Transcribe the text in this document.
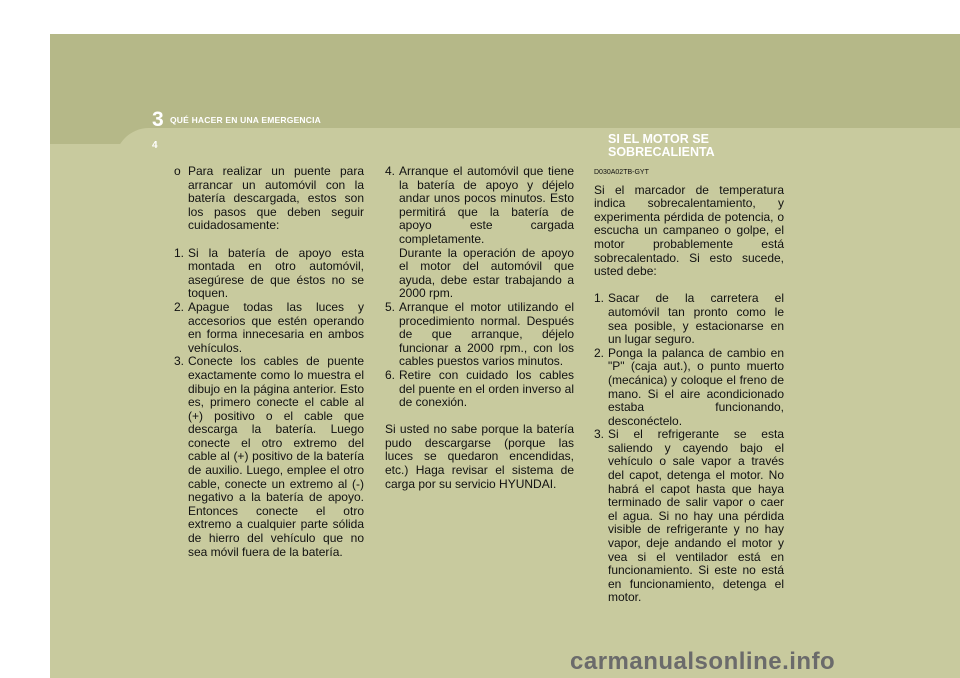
3 QUÉ HACER EN UNA EMERGENCIA
4	SI EL MOTOR SE
SOBRECALIENTA
o Para realizar un puente para arrancar un automóvil con la batería descargada, estos son los pasos que deben seguir cuidadosamente:
1. Si la batería de apoyo esta montada en otro automóvil, asegúrese de que éstos no se toquen.
2. Apague todas las luces y accesorios que estén operando en forma innecesaria en ambos vehículos.
3. Conecte los cables de puente exactamente como lo muestra el dibujo en la página anterior. Esto es, primero conecte el cable al (+) positivo o el cable que descarga la batería. Luego conecte el otro extremo del cable al (+) positivo de la batería de auxilio. Luego, emplee el otro cable, conecte un extremo al (-) negativo a la batería de apoyo. Entonces conecte el otro extremo a cualquier parte sólida de hierro del vehículo que no sea móvil fuera de la batería.
4. Arranque el automóvil que tiene la batería de apoyo y déjelo andar unos pocos minutos. Esto permitirá que la batería de apoyo este cargada completamente.
Durante la operación de apoyo el motor del automóvil que ayuda, debe estar trabajando a 2000 rpm.
5. Arranque el motor utilizando el procedimiento normal. Después de que arranque, déjelo funcionar a 2000 rpm., con los cables puestos varios minutos.
6. Retire con cuidado los cables del puente en el orden inverso al de conexión.

Si usted no sabe porque la batería pudo descargarse (porque las luces se quedaron encendidas, etc.) Haga revisar el sistema de carga por su servicio HYUNDAI.

D030A02TB-GYT

Si el marcador de temperatura indica sobrecalentamiento, y experimenta pérdida de potencia, o escucha un campaneo o golpe, el motor probablemente está sobrecalentado. Si esto sucede, usted debe:

1. Sacar de la carretera el automóvil tan pronto como le sea posible, y estacionarse en un lugar seguro.
2. Ponga la palanca de cambio en "P" (caja aut.), o punto muerto (mecánica) y coloque el freno de mano. Si el aire acondicionado estaba funcionando, desconéctelo.
3. Si el refrigerante se esta saliendo y cayendo bajo el vehículo o sale vapor a través del capot, detenga el motor. No habrá el capot hasta que haya terminado de salir vapor o caer el agua. Si no hay una pérdida visible de refrigerante y no hay vapor, deje andando el motor y vea si el ventilador está en funcionamiento. Si este no está en funcionamiento, detenga el motor.
carmanualsonline.info
